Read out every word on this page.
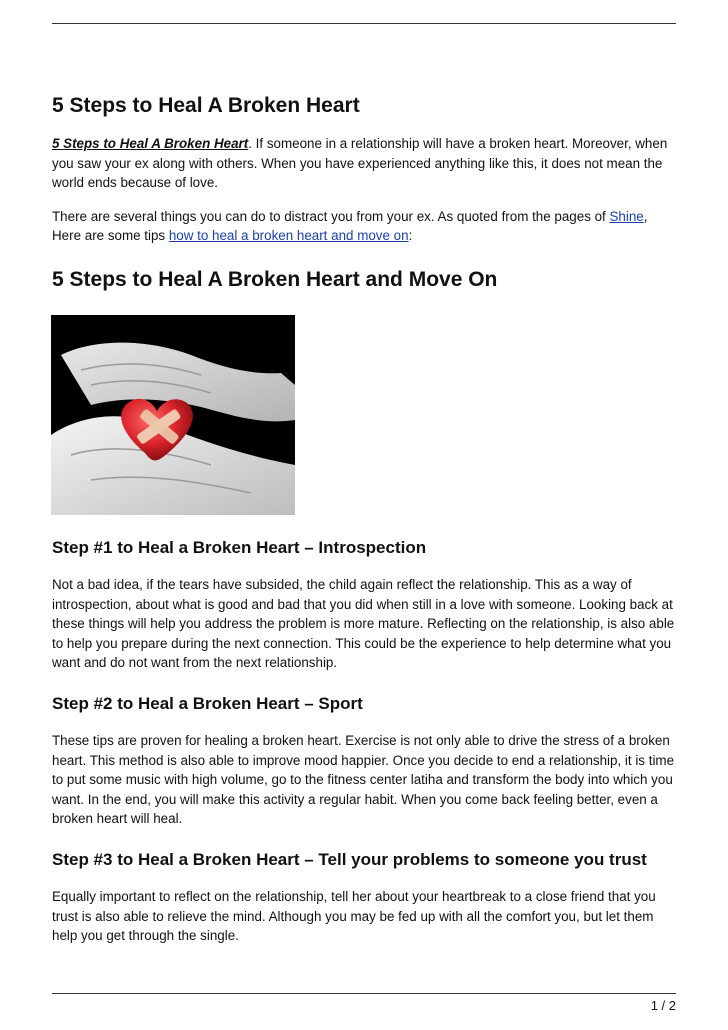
5 Steps to Heal A Broken Heart

5 Steps to Heal A Broken Heart. If someone in a relationship will have a broken heart. Moreover, when you saw your ex along with others. When you have experienced anything like this, it does not mean the world ends because of love.

There are several things you can do to distract you from your ex. As quoted from the pages of Shine, Here are some tips how to heal a broken heart and move on:

5 Steps to Heal A Broken Heart and Move On
Step #1 to Heal a Broken Heart – Introspection

Not a bad idea, if the tears have subsided, the child again reflect the relationship. This as a way of introspection, about what is good and bad that you did when still in a love with someone. Looking back at these things will help you address the problem is more mature. Reflecting on the relationship, is also able to help you prepare during the next connection. This could be the experience to help determine what you want and do not want from the next relationship.

Step #2 to Heal a Broken Heart – Sport

These tips are proven for healing a broken heart. Exercise is not only able to drive the stress of a broken heart. This method is also able to improve mood happier. Once you decide to end a relationship, it is time to put some music with high volume, go to the fitness center latiha and transform the body into which you want. In the end, you will make this activity a regular habit. When you come back feeling better, even a broken heart will heal.

Step #3 to Heal a Broken Heart – Tell your problems to someone you trust

Equally important to reflect on the relationship, tell her about your heartbreak to a close friend that you trust is also able to relieve the mind. Although you may be fed up with all the comfort you, but let them help you get through the single.

1 / 2
